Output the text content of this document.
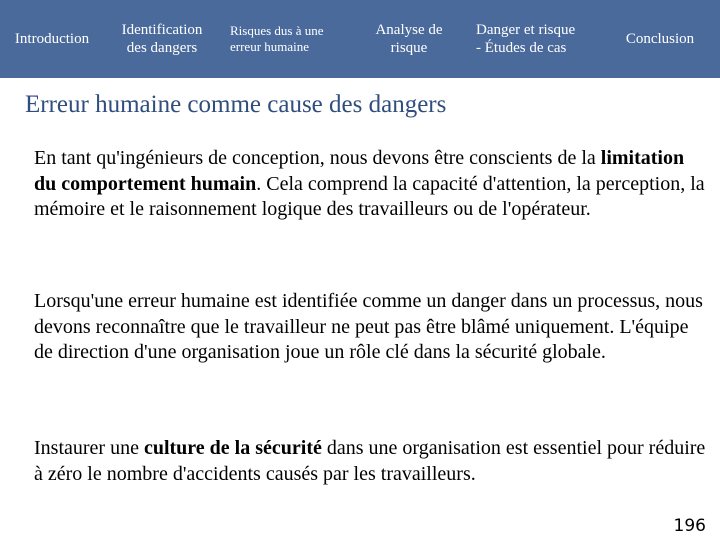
Introduction
Identification
des dangers
Risques dus à une
erreur humaine
Analyse de
risque
Danger et risque
- Études de cas
Conclusion
Erreur humaine comme cause des dangers

En tant qu'ingénieurs de conception, nous devons être conscients de la limitation du comportement humain. Cela comprend la capacité d'attention, la perception, la mémoire et le raisonnement logique des travailleurs ou de l'opérateur.

Lorsqu'une erreur humaine est identifiée comme un danger dans un processus, nous devons reconnaître que le travailleur ne peut pas être blâmé uniquement. L'équipe de direction d'une organisation joue un rôle clé dans la sécurité globale.

Instaurer une culture de la sécurité dans une organisation est essentiel pour réduire à zéro le nombre d'accidents causés par les travailleurs.

196
